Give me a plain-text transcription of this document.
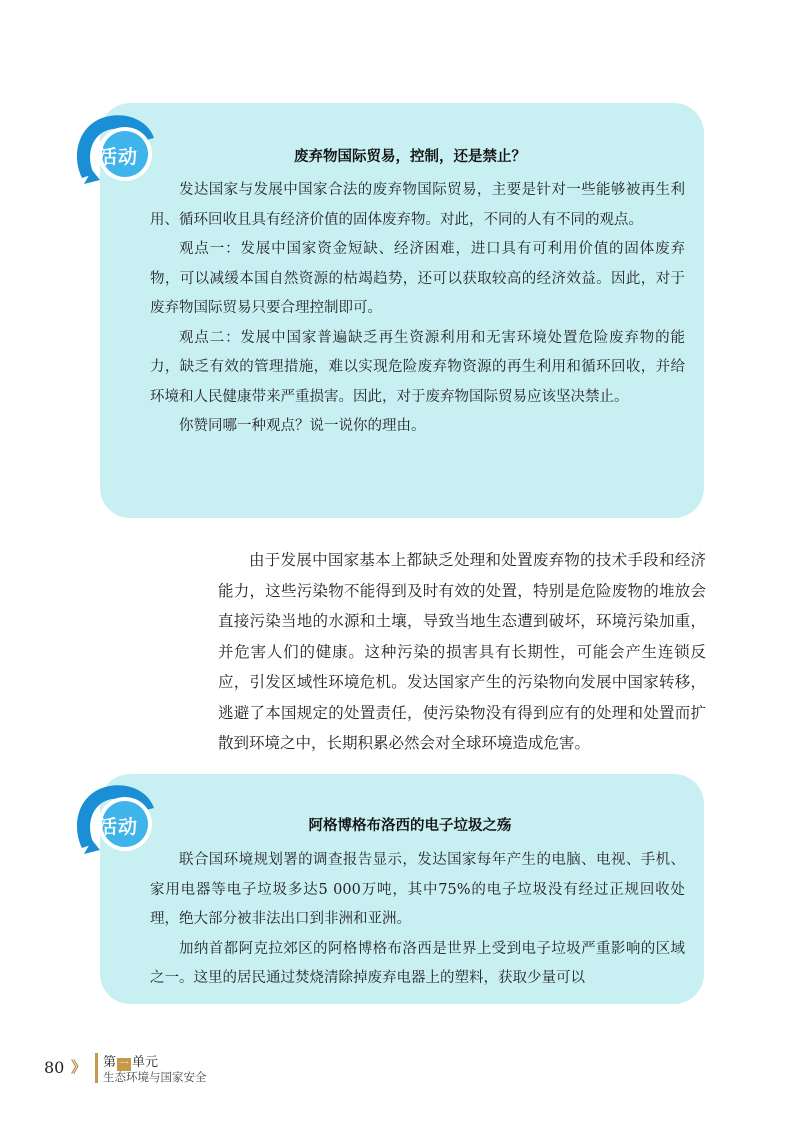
活动	废弃物国际贸易，控制，还是禁止？

发达国家与发展中国家合法的废弃物国际贸易，主要是针对一些能够被再生利用、循环回收且具有经济价值的固体废弃物。对此，不同的人有不同的观点。

观点一：发展中国家资金短缺、经济困难，进口具有可利用价值的固体废弃物，可以减缓本国自然资源的枯竭趋势，还可以获取较高的经济效益。因此，对于废弃物国际贸易只要合理控制即可。

观点二：发展中国家普遍缺乏再生资源利用和无害环境处置危险废弃物的能力，缺乏有效的管理措施，难以实现危险废弃物资源的再生利用和循环回收，并给环境和人民健康带来严重损害。因此，对于废弃物国际贸易应该坚决禁止。

你赞同哪一种观点？说一说你的理由。

由于发展中国家基本上都缺乏处理和处置废弃物的技术手段和经济能力，这些污染物不能得到及时有效的处置，特别是危险废物的堆放会直接污染当地的水源和土壤，导致当地生态遭到破坏，环境污染加重，并危害人们的健康。这种污染的损害具有长期性，可能会产生连锁反应，引发区域性环境危机。发达国家产生的污染物向发展中国家转移，逃避了本国规定的处置责任，使污染物没有得到应有的处理和处置而扩散到环境之中，长期积累必然会对全球环境造成危害。

活动	阿格博格布洛西的电子垃圾之殇

联合国环境规划署的调查报告显示，发达国家每年产生的电脑、电视、手机、家用电器等电子垃圾多达5 000万吨，其中75%的电子垃圾没有经过正规回收处理，绝大部分被非法出口到非洲和亚洲。

加纳首都阿克拉郊区的阿格博格布洛西是世界上受到电子垃圾严重影响的区域之一。这里的居民通过焚烧清除掉废弃电器上的塑料，获取少量可以

80 》 第 一 单元
生态环境与国家安全
